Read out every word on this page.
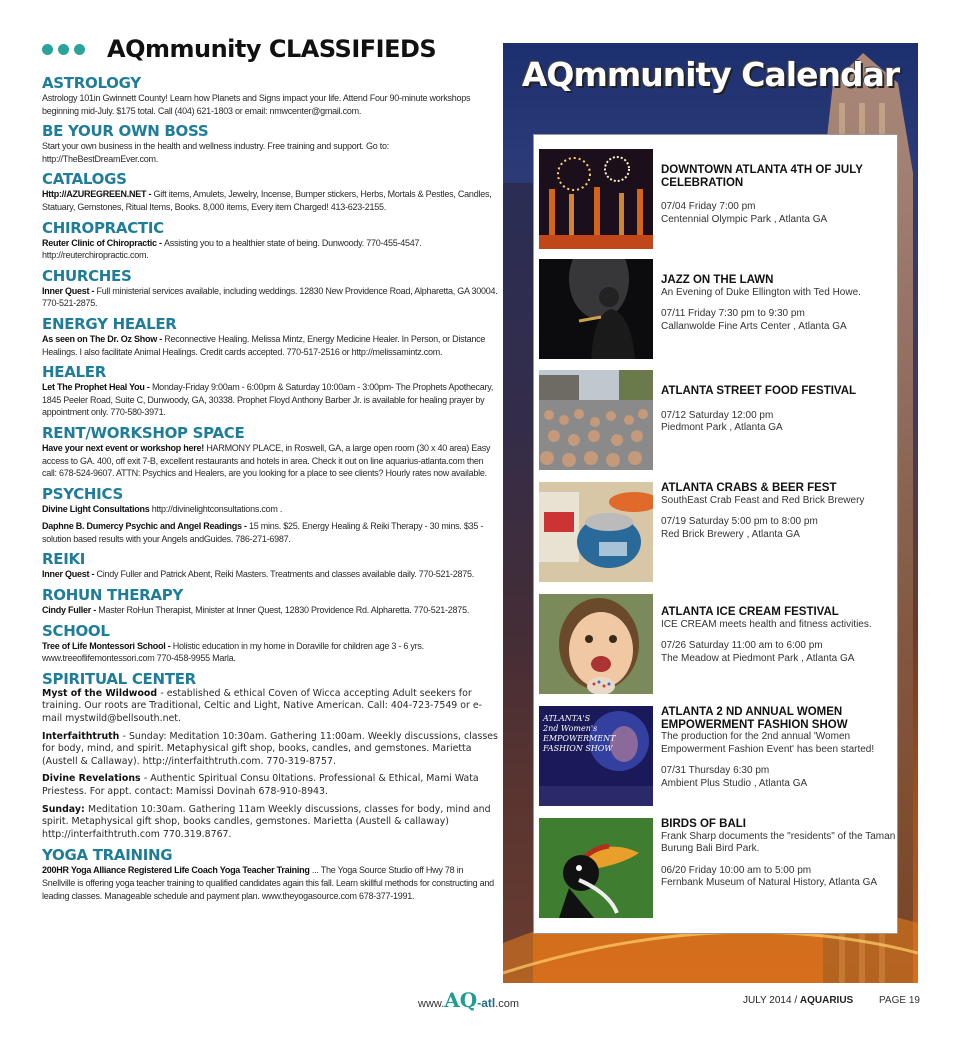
AQmmunity CLASSIFIEDS
ASTROLOGY
Astrology 101in Gwinnett County! Learn how Planets and Signs impact your life. Attend Four 90-minute workshops beginning mid-July. $175 total. Call (404) 621-1803 or email: nmwcenter@gmail.com.
BE YOUR OWN BOSS
Start your own business in the health and wellness industry. Free training and support. Go to: http://TheBestDreamEver.com.
CATALOGS
Http://AZUREGREEN.NET - Gift items, Amulets, Jewelry, Incense, Bumper stickers, Herbs, Mortals & Pestles, Candles, Statuary, Gemstones, Ritual Items, Books. 8,000 items, Every item Charged! 413-623-2155.
CHIROPRACTIC
Reuter Clinic of Chiropractic - Assisting you to a healthier state of being. Dunwoody. 770-455-4547. http://reuterchiropractic.com.
CHURCHES
Inner Quest - Full ministerial services available, including weddings. 12830 New Providence Road, Alpharetta, GA 30004. 770-521-2875.
ENERGY HEALER
As seen on The Dr. Oz Show - Reconnective Healing. Melissa Mintz, Energy Medicine Healer. In Person, or Distance Healings. I also facilitate Animal Healings. Credit cards accepted. 770-517-2516 or http://melissamintz.com.
HEALER
Let The Prophet Heal You - Monday-Friday 9:00am - 6:00pm & Saturday 10:00am - 3:00pm- The Prophets Apothecary, 1845 Peeler Road, Suite C, Dunwoody, GA, 30338. Prophet Floyd Anthony Barber Jr. is available for healing prayer by appointment only. 770-580-3971.
RENT/WORKSHOP SPACE
Have your next event or workshop here! HARMONY PLACE, in Roswell, GA, a large open room (30 x 40 area) Easy access to GA. 400, off exit 7-B, excellent restaurants and hotels in area. Check it out on line aquarius-atlanta.com then call: 678-524-9607. ATTN: Psychics and Healers, are you looking for a place to see clients? Hourly rates now available.
PSYCHICS
Divine Light Consultations http://divinelightconsultations.com .
Daphne B. Dumercy Psychic and Angel Readings - 15 mins. $25. Energy Healing & Reiki Therapy - 30 mins. $35 - solution based results with your Angels andGuides. 786-271-6987.
REIKI
Inner Quest - Cindy Fuller and Patrick Abent, Reiki Masters. Treatments and classes available daily. 770-521-2875.
ROHUN THERAPY
Cindy Fuller - Master RoHun Therapist, Minister at Inner Quest, 12830 Providence Rd. Alpharetta. 770-521-2875.
SCHOOL
Tree of Life Montessori School - Holistic education in my home in Doraville for children age 3 - 6 yrs. www.treeoflifemontessori.com 770-458-9955 Marla.
SPIRITUAL CENTER
Myst of the Wildwood - established & ethical Coven of Wicca accepting Adult seekers for training. Our roots are Traditional, Celtic and Light, Native American. Call: 404-723-7549 or e-mail mystwild@bellsouth.net.
Interfaithtruth - Sunday: Meditation 10:30am. Gathering 11:00am. Weekly discussions, classes for body, mind, and spirit. Metaphysical gift shop, books, candles, and gemstones. Marietta (Austell & Callaway). http://interfaithtruth.com. 770-319-8757.
Divine Revelations - Authentic Spiritual Consu 0ltations. Professional & Ethical, Mami Wata Priestess. For appt. contact: Mamissi Dovinah 678-910-8943.
Sunday: Meditation 10:30am. Gathering 11am Weekly discussions, classes for body, mind and spirit. Metaphysical gift shop, books candles, gemstones. Marietta (Austell & callaway) http://interfaithtruth.com 770.319.8767.
YOGA TRAINING
200HR Yoga Alliance Registered Life Coach Yoga Teacher Training ... The Yoga Source Studio off Hwy 78 in Snellville is offering yoga teacher training to qualified candidates again this fall. Learn skillful methods for constructing and leading classes. Manageable schedule and payment plan. www.theyogasource.com 678-377-1991.
AQmmunity Calendar
DOWNTOWN ATLANTA 4TH OF JULY CELEBRATION
07/04 Friday 7:00 pm
Centennial Olympic Park , Atlanta GA
JAZZ ON THE LAWN
An Evening of Duke Ellington with Ted Howe.
07/11 Friday 7:30 pm to 9:30 pm
Callanwolde Fine Arts Center , Atlanta GA
ATLANTA STREET FOOD FESTIVAL
07/12 Saturday 12:00 pm
Piedmont Park , Atlanta GA
ATLANTA CRABS & BEER FEST
SouthEast Crab Feast and Red Brick Brewery
07/19 Saturday 5:00 pm to 8:00 pm
Red Brick Brewery , Atlanta GA
ATLANTA ICE CREAM FESTIVAL
ICE CREAM meets health and fitness activities.
07/26 Saturday 11:00 am to 6:00 pm
The Meadow at Piedmont Park , Atlanta GA
ATLANTA'S
2nd Women's
EMPOWERMENT
FASHION SHOW
ATLANTA 2 ND ANNUAL WOMEN EMPOWERMENT FASHION SHOW
The production for the 2nd annual 'Women Empowerment Fashion Event' has been started!
07/31 Thursday 6:30 pm
Ambient Plus Studio , Atlanta GA
BIRDS OF BALI
Frank Sharp documents the "residents" of the Taman Burung Bali Bird Park.
06/20 Friday 10:00 am to 5:00 pm
Fernbank Museum of Natural History, Atlanta GA
www.AQ-atl.com	JULY 2014 / AQUARIUS	PAGE 19
